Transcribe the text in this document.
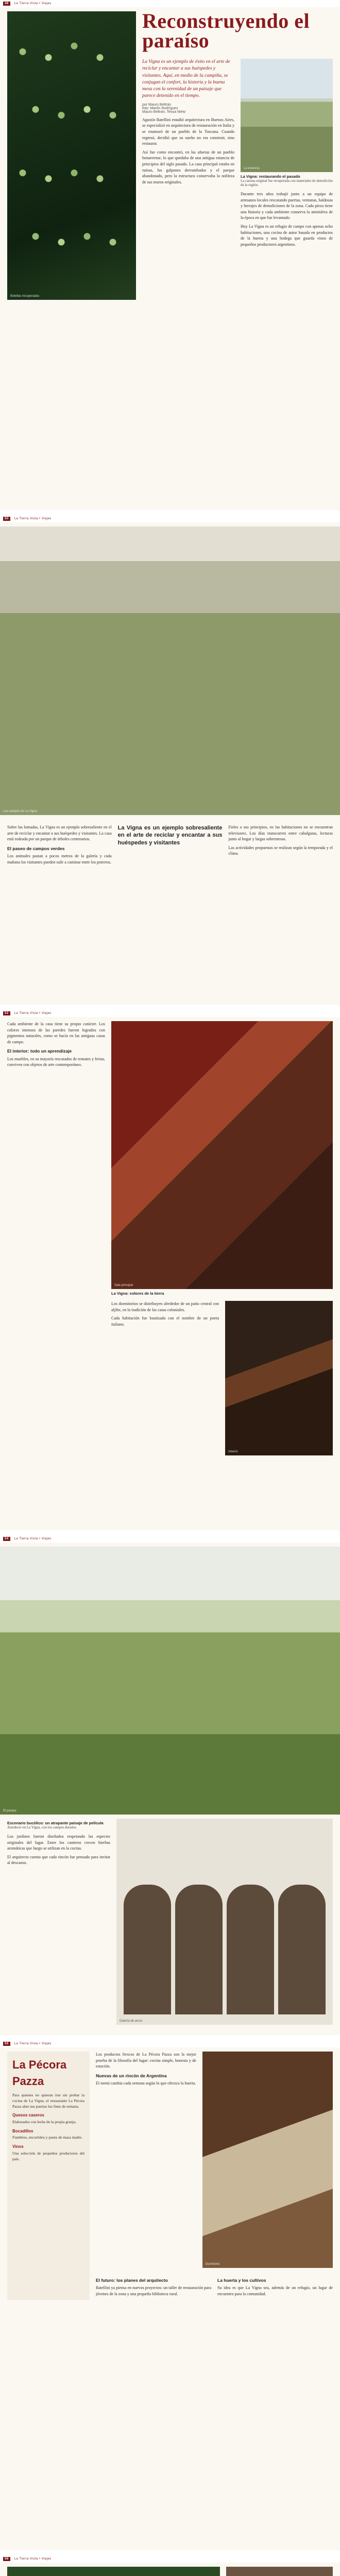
48	La Tierra Vista • Viajes
Botellas recuperadas
Reconstruyendo el paraíso

La Vigna es un ejemplo de éxito en el arte de reciclar y encantar a sus huéspedes y visitantes. Aquí, en medio de la campiña, se conjugan el confort, la historia y la buena mesa con la serenidad de un paisaje que parece detenido en el tiempo.

por Mauro Beltrán
foto: Martín Rodríguez
Mauro Beltrán, Tessa Nieto

Agustín Batellini estudió arquitectura en Buenos Aires, se especializó en arquitectura de restauración en Italia y se enamoró de un pueblo de la Toscana. Cuando regresó, decidió que su sueño no era construir, sino restaurar.

Así fue como encontró, en las afueras de un pueblo bonaerense, lo que quedaba de una antigua estancia de principios del siglo pasado. La casa principal estaba en ruinas, los galpones derrumbados y el parque abandonado, pero la estructura conservaba la nobleza de sus muros originales.

La estancia
La Vigna: restaurando el pasado
La casona original fue recuperada con materiales de demolición de la región.

Durante tres años trabajó junto a un equipo de artesanos locales rescatando puertas, ventanas, baldosas y herrajes de demoliciones de la zona. Cada pieza tiene una historia y cada ambiente conserva la atmósfera de la época en que fue levantado.

Hoy La Vigna es un refugio de campo con apenas ocho habitaciones, una cocina de autor basada en productos de la huerta y una bodega que guarda vinos de pequeños productores argentinos.

50	La Tierra Vista • Viajes
Los campos de La Vigna

Sobre las lomadas, La Vigna es un ejemplo sobresaliente en el arte de reciclar y encantar a sus huéspedes y visitantes. La casa está rodeada por un parque de árboles centenarios.

El paseo de campos verdes

Los animales pastan a pocos metros de la galería y cada mañana los visitantes pueden salir a caminar entre los potreros.

La Vigna es un ejemplo sobresaliente en el arte de reciclar y encantar a sus huéspedes y visitantes

Fieles a sus principios, en las habitaciones no se encuentran televisores. Los días transcurren entre cabalgatas, lecturas junto al hogar y largas sobremesas.

Las actividades propuestas se realizan según la temporada y el clima.

52	La Tierra Vista • Viajes

Cada ambiente de la casa tiene su propio carácter. Los colores intensos de las paredes fueron logrados con pigmentos naturales, como se hacía en las antiguas casas de campo.

El interior: todo un aprendizaje

Los muebles, en su mayoría rescatados de remates y ferias, conviven con objetos de arte contemporáneo.

Sala principal
La Vigna: colores de la tierra

Los dormitorios se distribuyen alrededor de un patio central con aljibe, en la tradición de las casas coloniales.

Cada habitación fue bautizada con el nombre de un poeta italiano.

Interior
54	La Tierra Vista • Viajes
El parque
Escenario bucólico: un atrapante paisaje de película
Atardecer en La Vigna, con los campos dorados.

Los jardines fueron diseñados respetando las especies originales del lugar. Entre los canteros crecen hierbas aromáticas que luego se utilizan en la cocina.

El arquitecto cuenta que cada rincón fue pensado para invitar al descanso.

Galería de arcos
56	La Tierra Vista • Viajes
La Pécora Pazza

Para quienes no quieran irse sin probar la cocina de La Vigna, el restaurante La Pécora Pazza abre sus puertas los fines de semana.

Quesos caseros

Elaborados con leche de la propia granja.

Bocadillos

Fiambres, encurtidos y panes de masa madre.

Vinos

Una selección de pequeños productores del país.

Los productos frescos de La Pécora Pazza son la mejor prueba de la filosofía del lugar: cocina simple, honesta y de estación.

Nuevas de un rincón de Argentina

El menú cambia cada semana según lo que ofrezca la huerta.

Dormitorio
El futuro: los planes del arquitecto

Batellini ya piensa en nuevos proyectos: un taller de restauración para jóvenes de la zona y una pequeña biblioteca rural.

La huerta y los cultivos

Su idea es que La Vigna sea, además de un refugio, un lugar de encuentro para la comunidad.

58	La Tierra Vista • Viajes
